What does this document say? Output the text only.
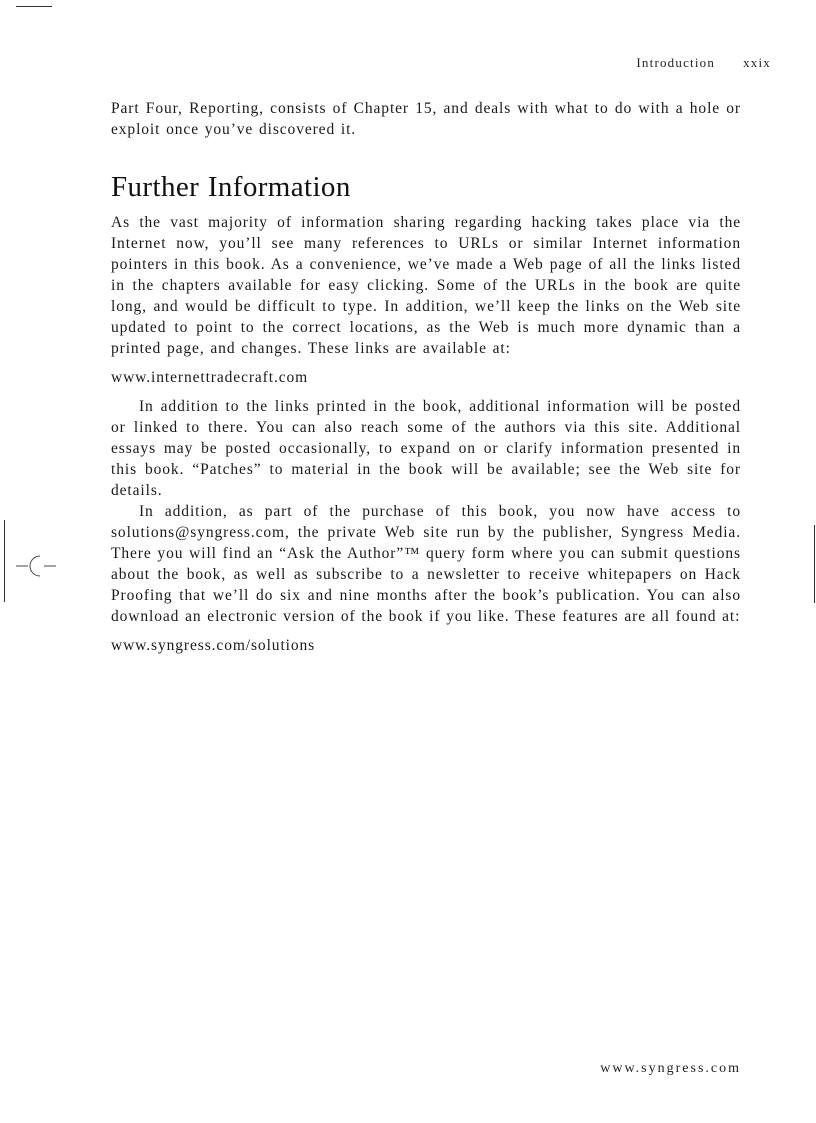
Introduction xxix

Part Four, Reporting, consists of Chapter 15, and deals with what to do with a hole or exploit once you’ve discovered it.

Further Information

As the vast majority of information sharing regarding hacking takes place via the Internet now, you’ll see many references to URLs or similar Internet information pointers in this book. As a convenience, we’ve made a Web page of all the links listed in the chapters available for easy clicking. Some of the URLs in the book are quite long, and would be difficult to type. In addition, we’ll keep the links on the Web site updated to point to the correct locations, as the Web is much more dynamic than a printed page, and changes. These links are available at:

www.internettradecraft.com

In addition to the links printed in the book, additional information will be posted or linked to there. You can also reach some of the authors via this site. Additional essays may be posted occasionally, to expand on or clarify information presented in this book. “Patches” to material in the book will be available; see the Web site for details.

In addition, as part of the purchase of this book, you now have access to solutions@syngress.com, the private Web site run by the publisher, Syngress Media. There you will find an “Ask the Author”™ query form where you can submit questions about the book, as well as subscribe to a newsletter to receive whitepapers on Hack Proofing that we’ll do six and nine months after the book’s publication. You can also download an electronic version of the book if you like. These features are all found at:

www.syngress.com/solutions

www.syngress.com
